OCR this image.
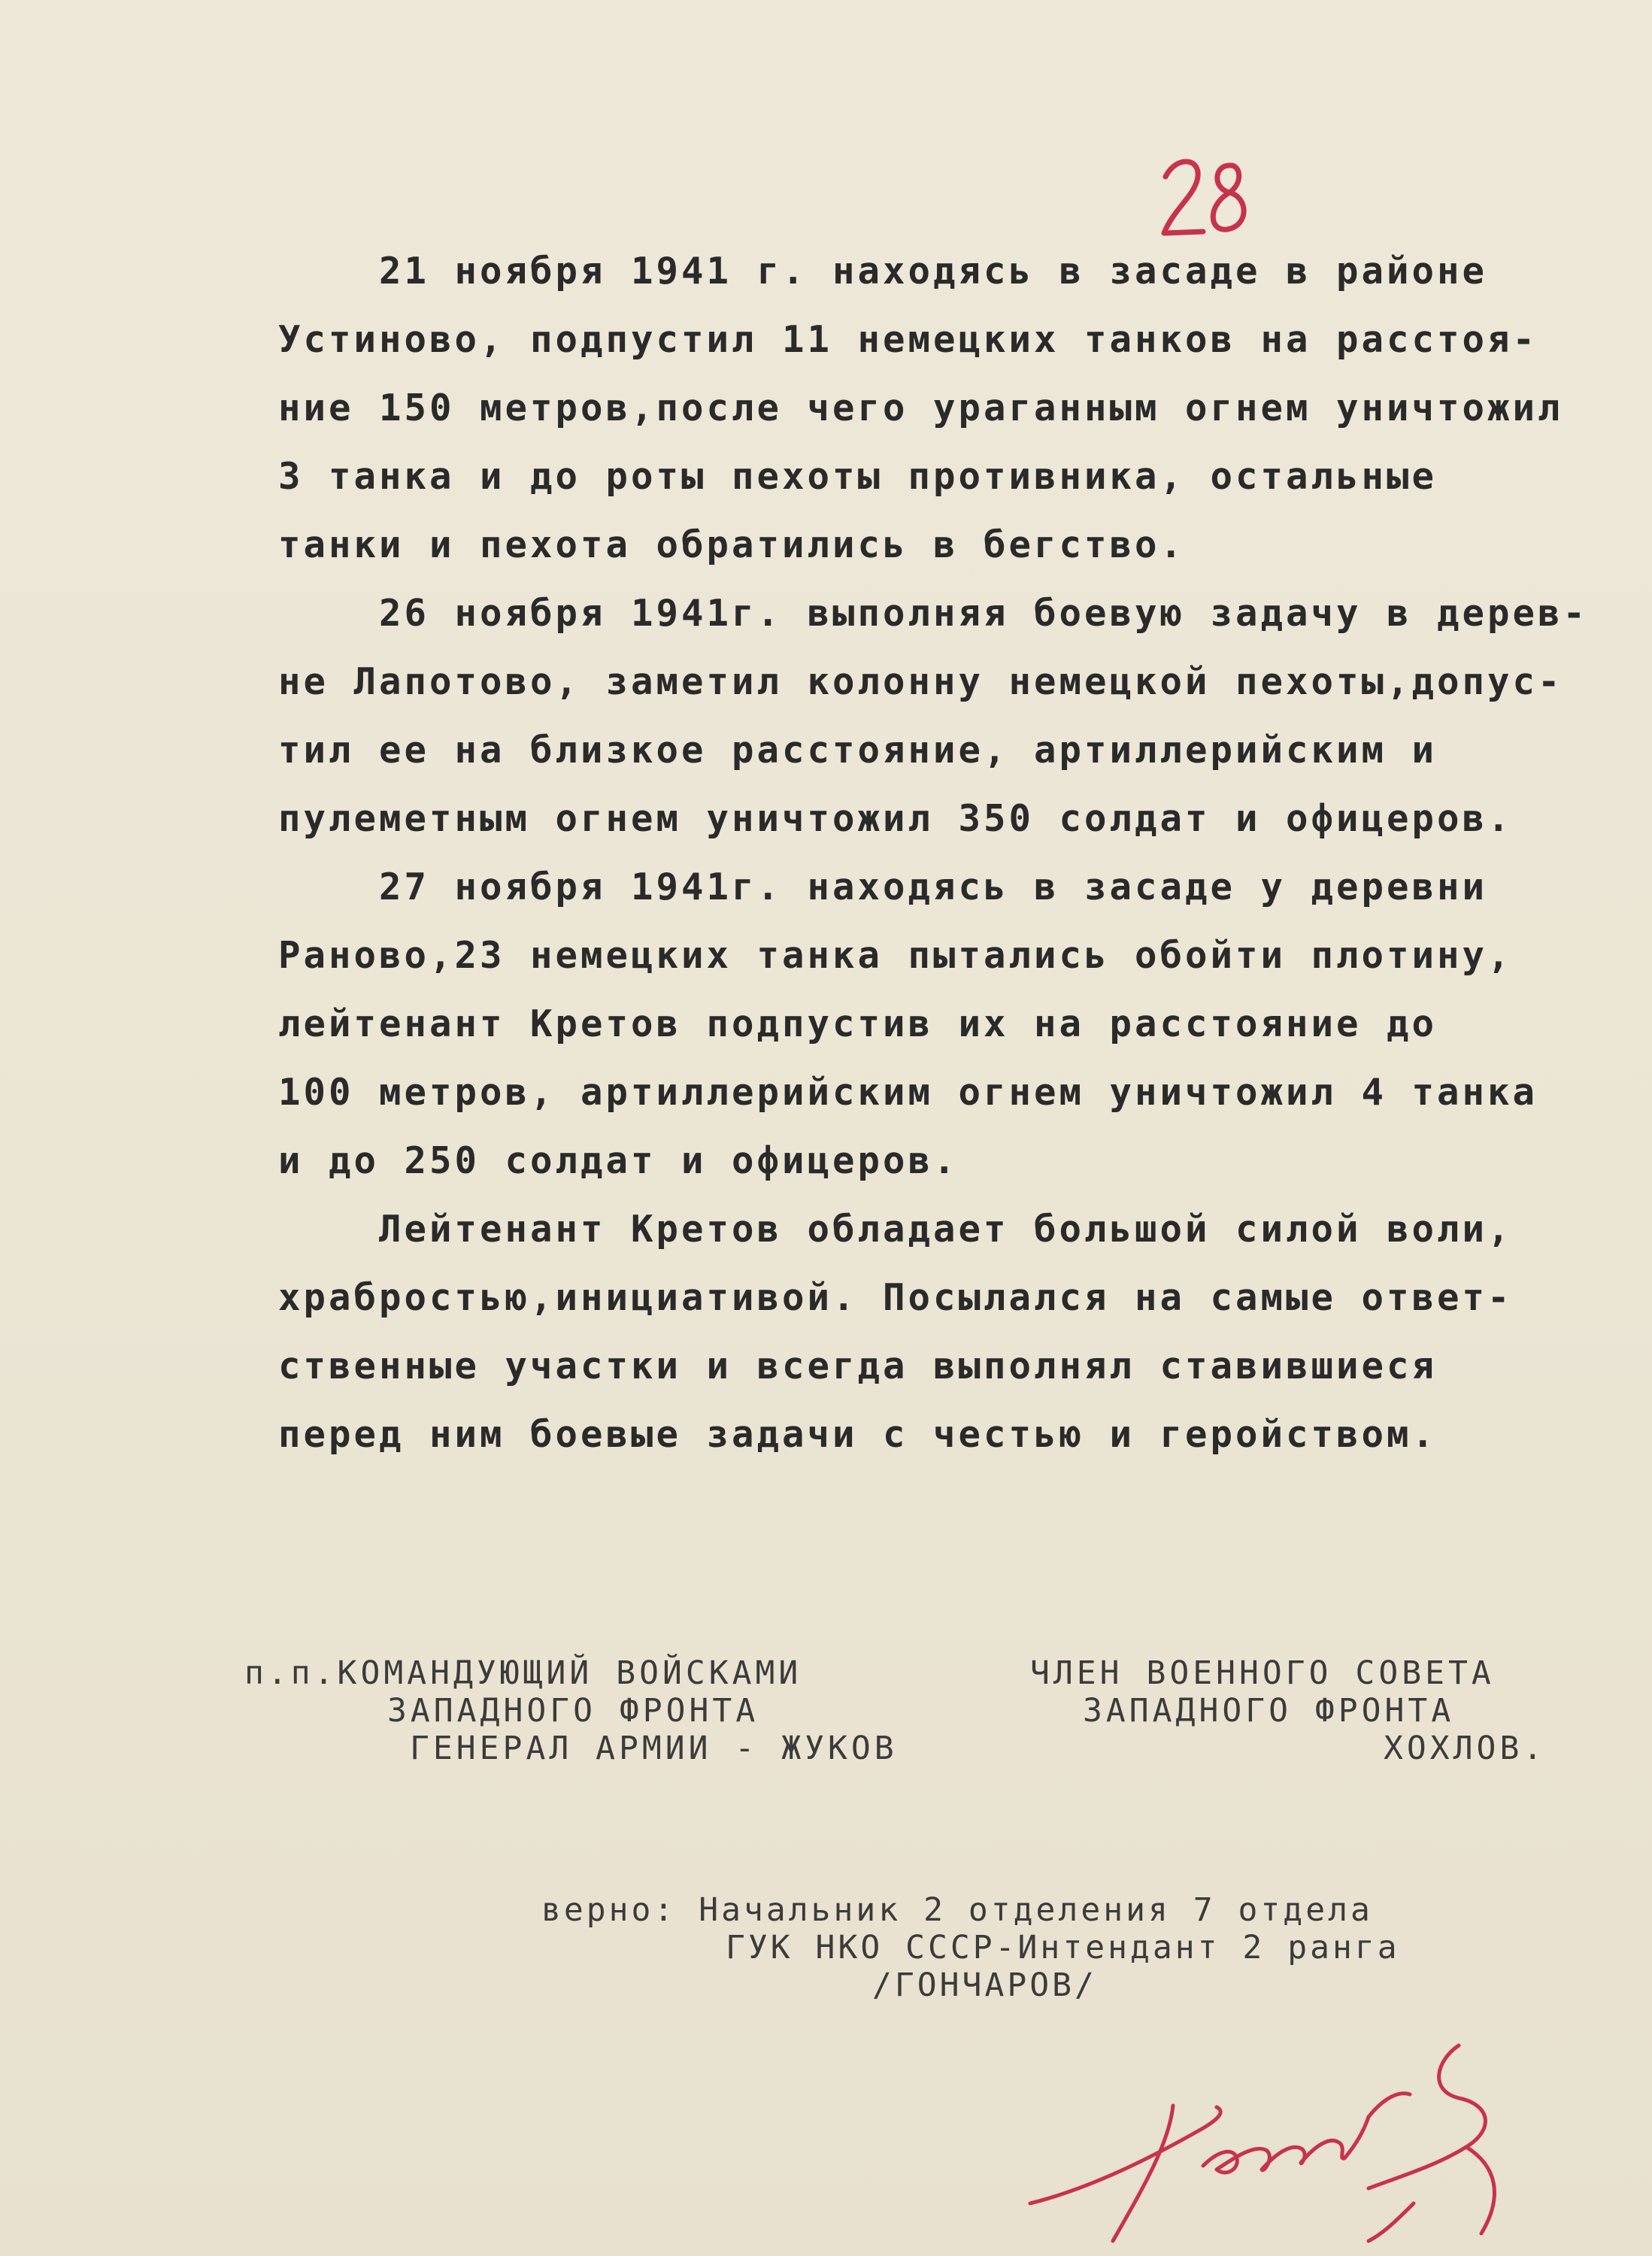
21 ноября 1941 г. находясь в засаде в районе
Устиново, подпустил 11 немецких танков на расстоя-
ние 150 метров,после чего ураганным огнем уничтожил
3 танка и до роты пехоты противника, остальные
танки и пехота обратились в бегство.
26 ноября 1941г. выполняя боевую задачу в дерев-
не Лапотово, заметил колонну немецкой пехоты,допус-
тил ее на близкое расстояние, артиллерийским и
пулеметным огнем уничтожил 350 солдат и офицеров.
27 ноября 1941г. находясь в засаде у деревни
Раново,23 немецких танка пытались обойти плотину,
лейтенант Кретов подпустив их на расстояние до
100 метров, артиллерийским огнем уничтожил 4 танка
и до 250 солдат и офицеров.
Лейтенант Кретов обладает большой силой воли,
храбростью,инициативой. Посылался на самые ответ-
ственные участки и всегда выполнял ставившиеся
перед ним боевые задачи с честью и геройством.
п.п.КОМАНДУЮЩИЙ ВОЙСКАМИ
ЗАПАДНОГО ФРОНТА
ГЕНЕРАЛ АРМИИ - ЖУКОВ
ЧЛЕН ВОЕННОГО СОВЕТА
ЗАПАДНОГО ФРОНТА
ХОХЛОВ.
верно: Начальник 2 отделения 7 отдела
ГУК НКО СССР-Интендант 2 ранга
/ГОНЧАРОВ/
